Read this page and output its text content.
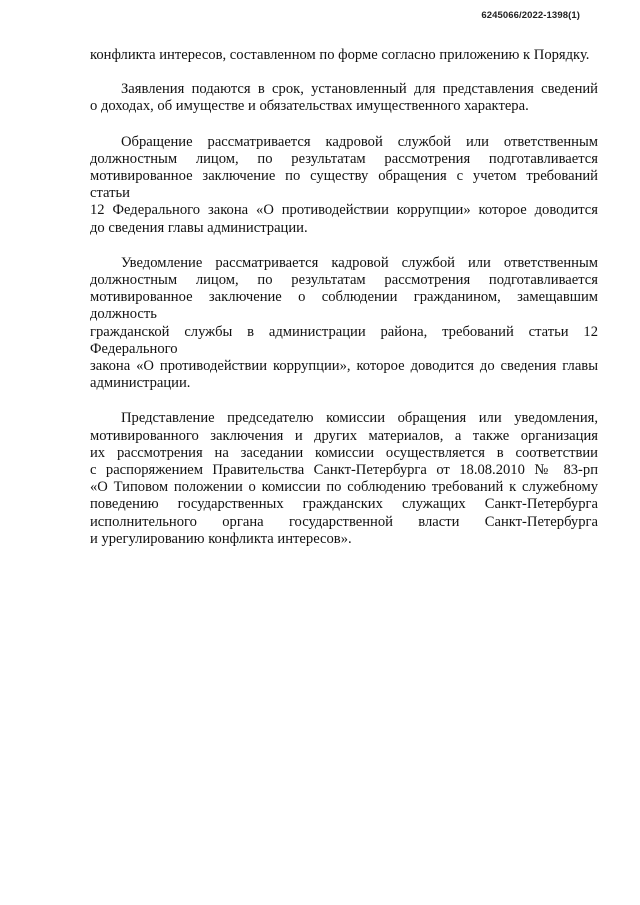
6245066/2022-1398(1)

конфликта интересов, составленном по форме согласно приложению к Порядку.

Заявления подаются в срок, установленный для представления сведений
о доходах, об имуществе и обязательствах имущественного характера.

Обращение рассматривается кадровой службой или ответственным
должностным лицом, по результатам рассмотрения подготавливается
мотивированное заключение по существу обращения с учетом требований статьи
12 Федерального закона «О противодействии коррупции» которое доводится
до сведения главы администрации.

Уведомление рассматривается кадровой службой или ответственным
должностным лицом, по результатам рассмотрения подготавливается
мотивированное заключение о соблюдении гражданином, замещавшим должность
гражданской службы в администрации района, требований статьи 12 Федерального
закона «О противодействии коррупции», которое доводится до сведения главы
администрации.

Представление председателю комиссии обращения или уведомления,
мотивированного заключения и других материалов, а также организация
их рассмотрения на заседании комиссии осуществляется в соответствии
с распоряжением Правительства Санкт-Петербурга от 18.08.2010 № 83-рп
«О Типовом положении о комиссии по соблюдению требований к служебному
поведению государственных гражданских служащих Санкт-Петербурга
исполнительного органа государственной власти Санкт-Петербурга
и урегулированию конфликта интересов».
